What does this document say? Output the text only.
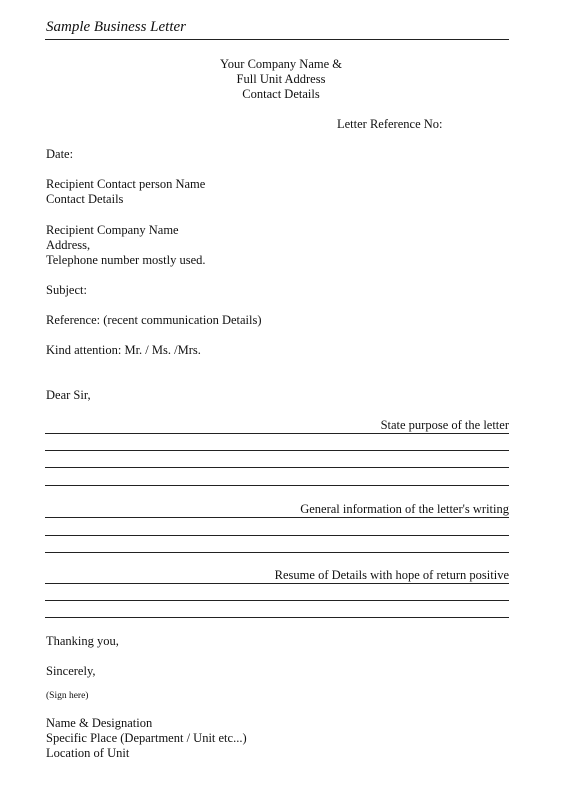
Sample Business Letter
Your Company Name &
Full Unit Address
Contact Details
Letter Reference No:
Date:
Recipient Contact person Name
Contact Details
Recipient Company Name
Address,
Telephone number mostly used.
Subject:
Reference: (recent communication Details)
Kind attention: Mr. / Ms. /Mrs.
Dear Sir,
State purpose of the letter
General information of the letter's writing
Resume of Details with hope of return positive
Thanking you,
Sincerely,
(Sign here)
Name & Designation
Specific Place (Department / Unit etc...)
Location of Unit
